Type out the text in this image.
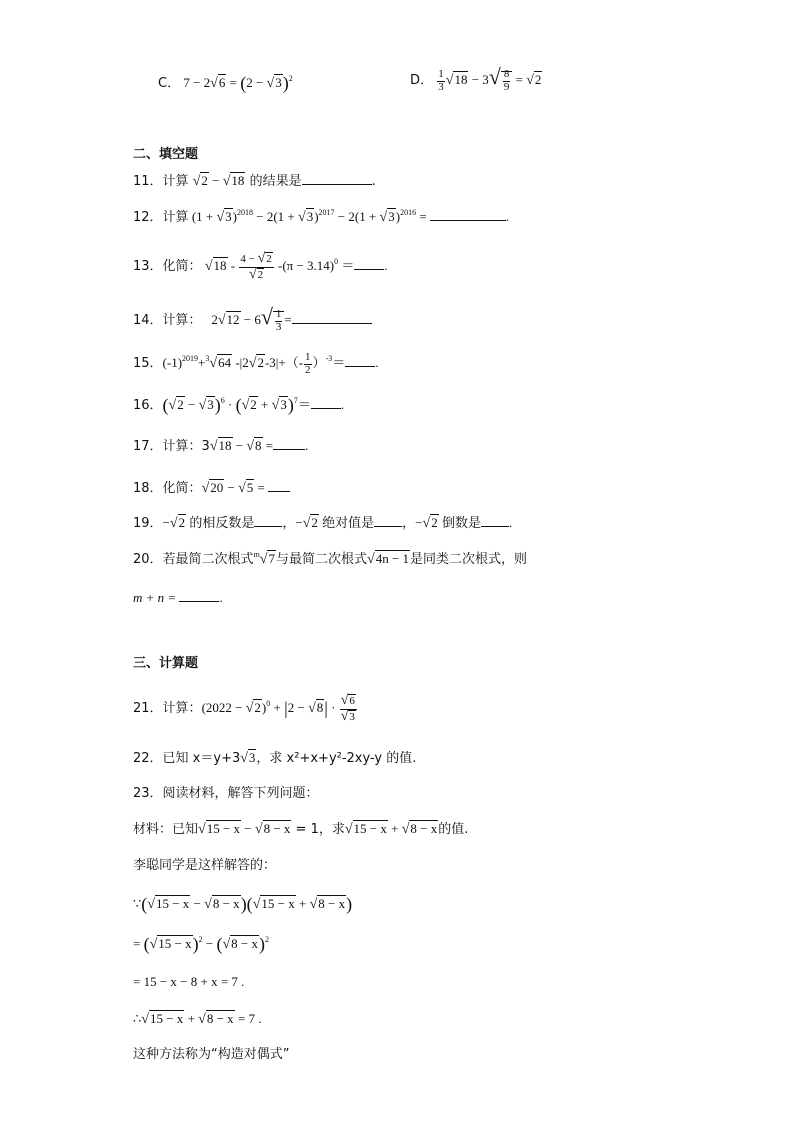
C． $7 - 2√6 = (2 - √3)^2$	D． $\frac{1}{3} √18 - 3√ \frac{8}{9} = √2$
二、填空题
11．计算 √2 − √18 的结果是	.
12．计算 $(1 + √3)^{2018} - 2(1 + √3)^{2017} - 2(1 + √3)^{2016}$ =	.
13．化简： $√18 - \frac{4 - √2}{√2} -(\pi - 3.14)^0$ ＝ .
14．计算：   $2√12 - 6√ \frac{1}{3}$ =
15．$(-1)^{2019}+^3√64$ $-|2√2-3|+(- \frac{1}{2} )^{-3}=$ .
16．$(√2 - √3)^6 \cdot (√2 + √3)^7=$ .
17．计算：3√18 − √8 = .
18．化简：√20 − √5 =
19．−√2 的相反数是 ，−√2 绝对值是 ，−√2 倒数是 .
20．若最简二次根式$^m$√7与最简二次根式√4n − 1是同类二次根式，则
m + n =	.
三、计算题
21．计算：$(2022 - √2)^0 + |2 - √8| \cdot \frac{√6}{√3}$
22．已知 x＝y+3√3，求 x²+x+y²-2xy-y 的值.
23．阅读材料，解答下列问题：
材料：已知√15 − x − √8 − x = 1，求√15 − x + √8 − x的值.
李聪同学是这样解答的：
∵(√15 − x − √8 − x)(√15 − x + √8 − x)
= $(√15 - x)^2 - (√8 - x)^2$
= 15 − x − 8 + x = 7 .
∴√15 − x + √8 − x = 7 .
这种方法称为“构造对偶式”
